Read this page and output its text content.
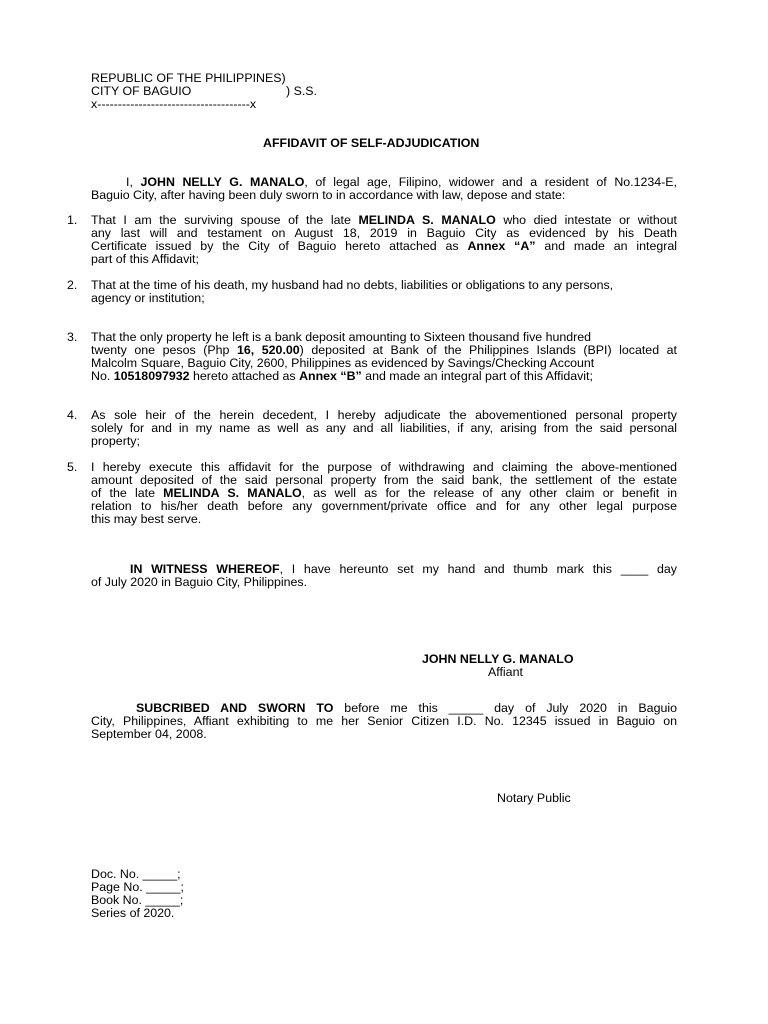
REPUBLIC OF THE PHILIPPINES)
CITY OF BAGUIO	) S.S.
x-------------------------------------x
AFFIDAVIT OF SELF-ADJUDICATION
I, JOHN NELLY G. MANALO, of legal age, Filipino, widower and a resident of No.1234-E,
Baguio City, after having been duly sworn to in accordance with law, depose and state:
1. That I am the surviving spouse of the late MELINDA S. MANALO who died intestate or without
any last will and testament on August 18, 2019 in Baguio City as evidenced by his Death
Certificate issued by the City of Baguio hereto attached as Annex “A” and made an integral
part of this Affidavit;
2. That at the time of his death, my husband had no debts, liabilities or obligations to any persons,
agency or institution;
3. That the only property he left is a bank deposit amounting to Sixteen thousand five hundred
twenty one pesos (Php 16, 520.00) deposited at Bank of the Philippines Islands (BPI) located at
Malcolm Square, Baguio City, 2600, Philippines as evidenced by Savings/Checking Account
No. 10518097932 hereto attached as Annex “B” and made an integral part of this Affidavit;
4. As sole heir of the herein decedent, I hereby adjudicate the abovementioned personal property
solely for and in my name as well as any and all liabilities, if any, arising from the said personal
property;
5. I hereby execute this affidavit for the purpose of withdrawing and claiming the above-mentioned
amount deposited of the said personal property from the said bank, the settlement of the estate
of the late MELINDA S. MANALO, as well as for the release of any other claim or benefit in
relation to his/her death before any government/private office and for any other legal purpose
this may best serve.
IN WITNESS WHEREOF, I have hereunto set my hand and thumb mark this ____ day
of July 2020 in Baguio City, Philippines.
JOHN NELLY G. MANALO
Affiant
SUBCRIBED AND SWORN TO before me this _____ day of July 2020 in Baguio
City, Philippines, Affiant exhibiting to me her Senior Citizen I.D. No. 12345 issued in Baguio on
September 04, 2008.
Notary Public
Doc. No. _____;
Page No. _____;
Book No. _____;
Series of 2020.
